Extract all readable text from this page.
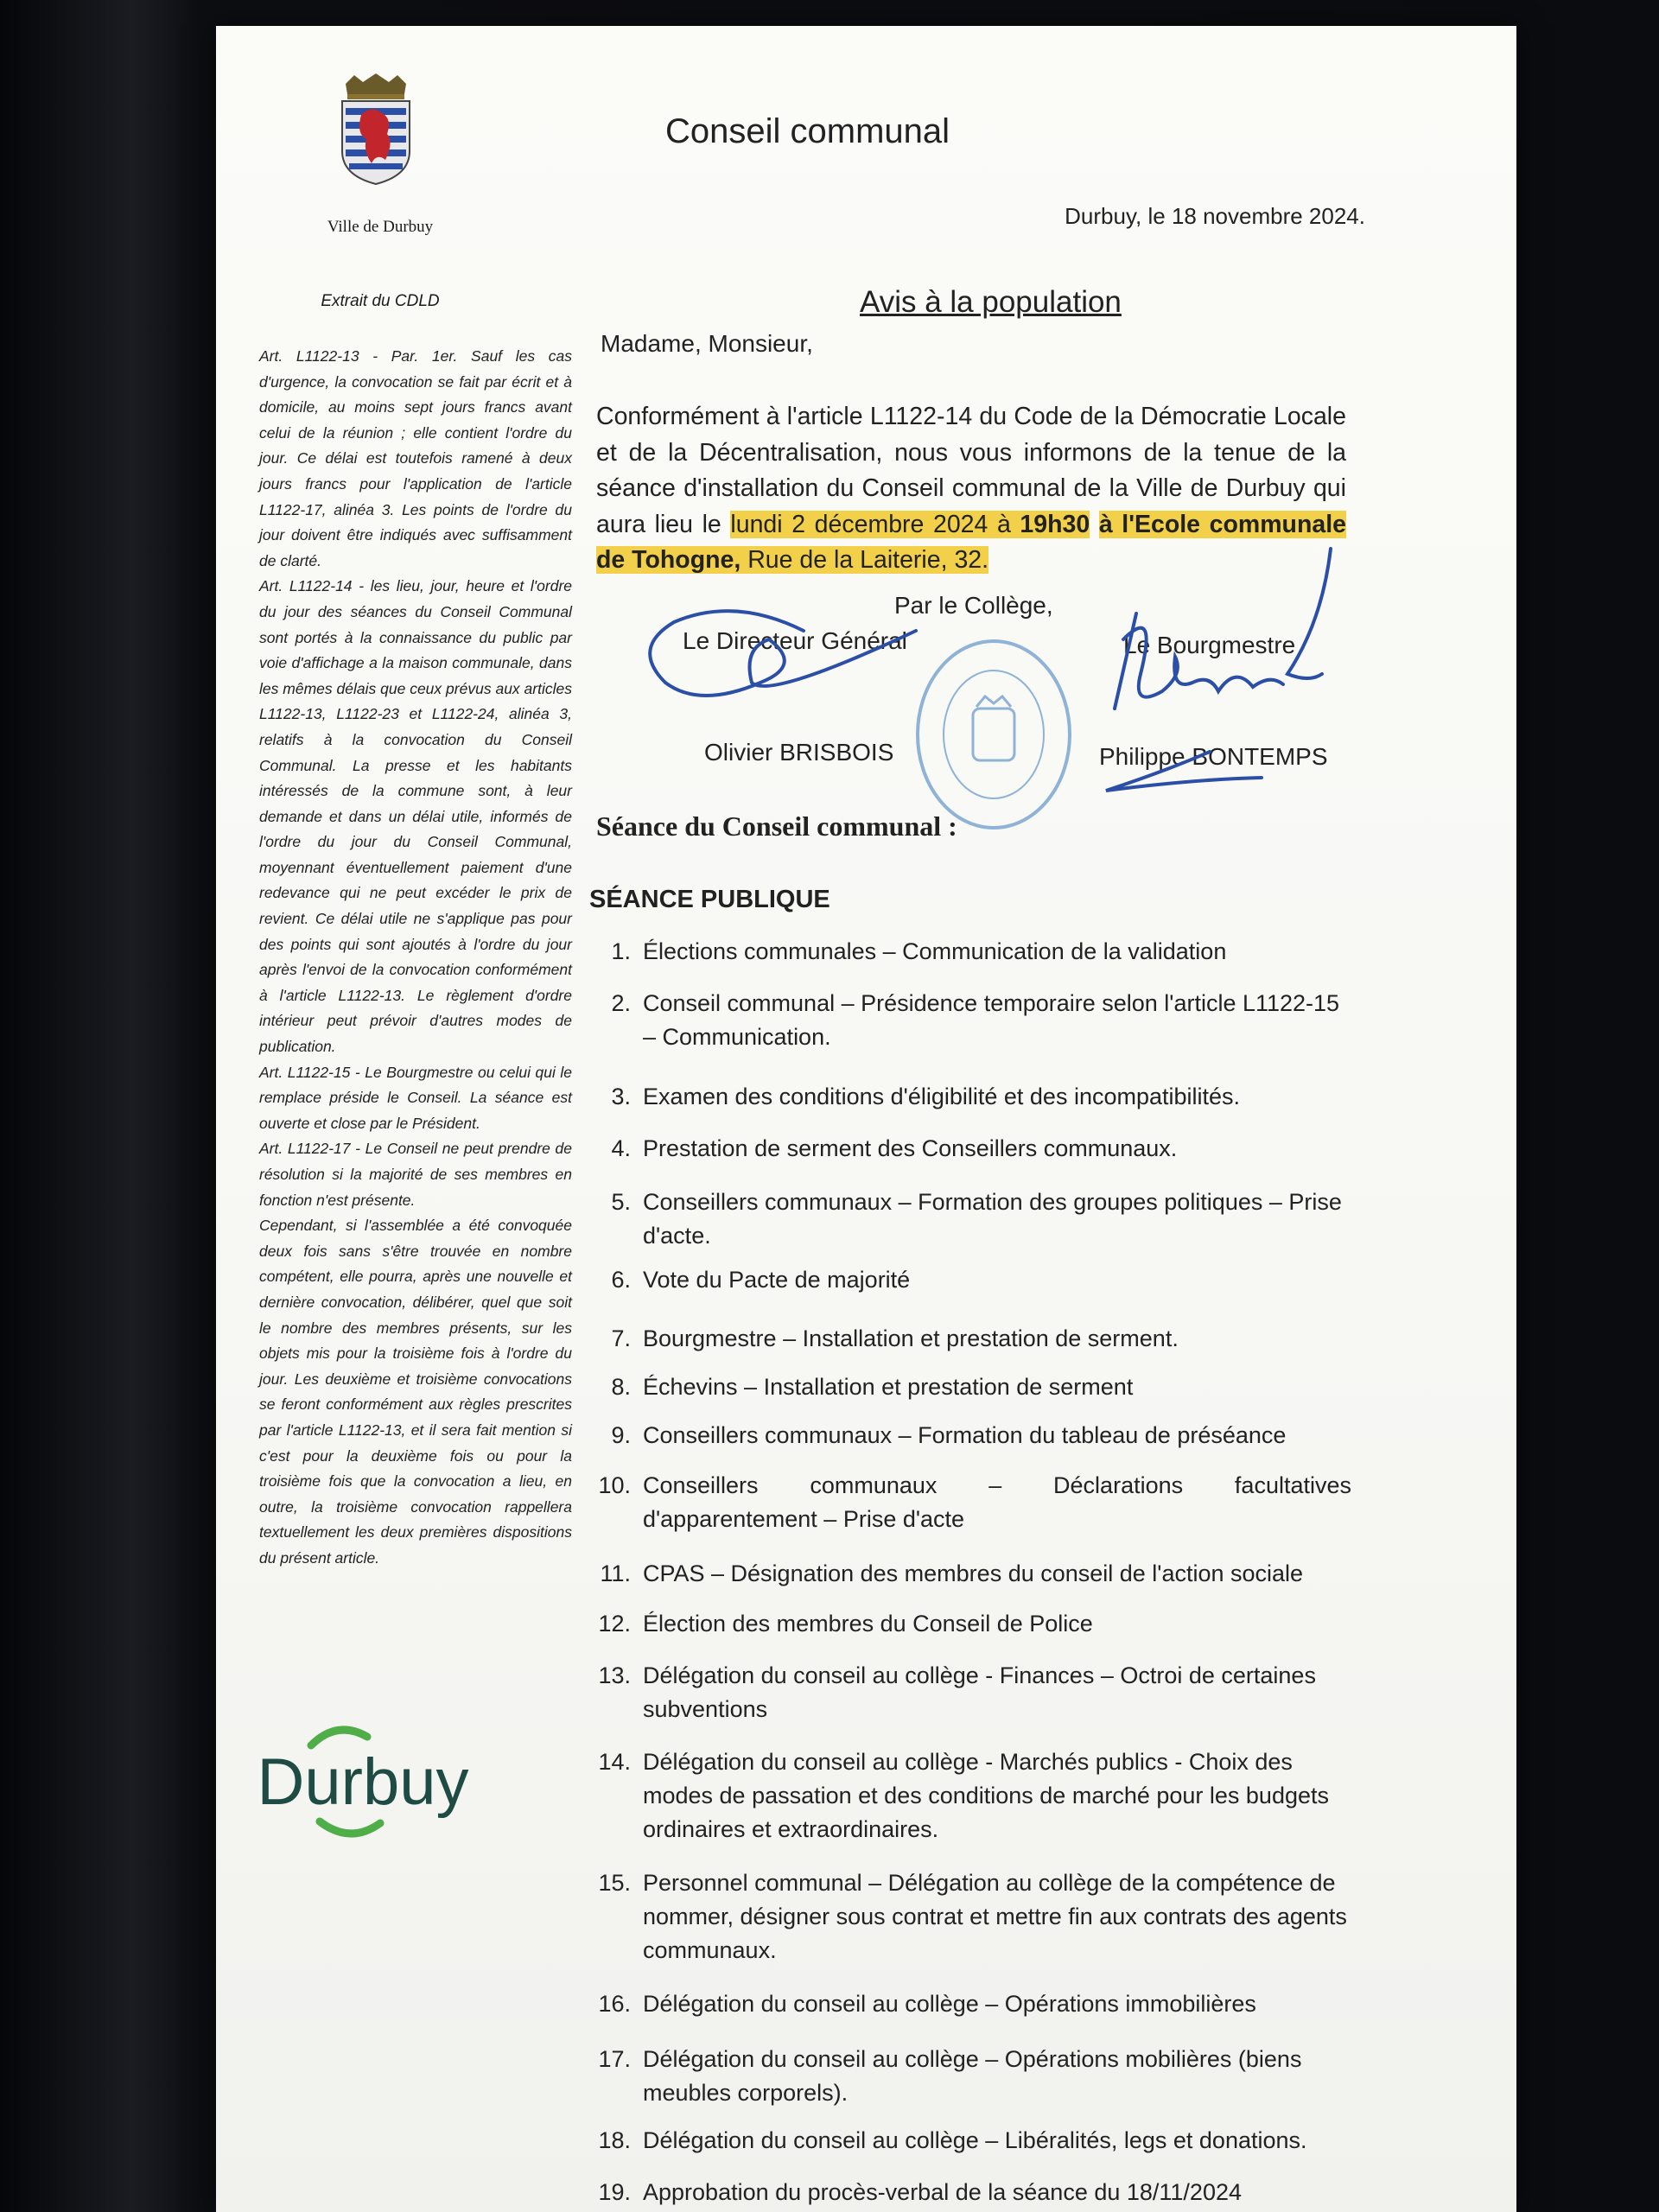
Ville de Durbuy
Extrait du CDLD

Art. L1122-13 - Par. 1er. Sauf les cas d'urgence, la convocation se fait par écrit et à domicile, au moins sept jours francs avant celui de la réunion ; elle contient l'ordre du jour. Ce délai est toutefois ramené à deux jours francs pour l'application de l'article L1122-17, alinéa 3. Les points de l'ordre du jour doivent être indiqués avec suffisamment de clarté.

Art. L1122-14 - les lieu, jour, heure et l'ordre du jour des séances du Conseil Communal sont portés à la connaissance du public par voie d'affichage a la maison communale, dans les mêmes délais que ceux prévus aux articles L1122-13, L1122-23 et L1122-24, alinéa 3, relatifs à la convocation du Conseil Communal. La presse et les habitants intéressés de la commune sont, à leur demande et dans un délai utile, informés de l'ordre du jour du Conseil Communal, moyennant éventuellement paiement d'une redevance qui ne peut excéder le prix de revient. Ce délai utile ne s'applique pas pour des points qui sont ajoutés à l'ordre du jour après l'envoi de la convocation conformément à l'article L1122-13. Le règlement d'ordre intérieur peut prévoir d'autres modes de publication.

Art. L1122-15 - Le Bourgmestre ou celui qui le remplace préside le Conseil. La séance est ouverte et close par le Président.

Art. L1122-17 - Le Conseil ne peut prendre de résolution si la majorité de ses membres en fonction n'est présente.

Cependant, si l'assemblée a été convoquée deux fois sans s'être trouvée en nombre compétent, elle pourra, après une nouvelle et dernière convocation, délibérer, quel que soit le nombre des membres présents, sur les objets mis pour la troisième fois à l'ordre du jour. Les deuxième et troisième convocations se feront conformément aux règles prescrites par l'article L1122-13, et il sera fait mention si c'est pour la deuxième fois ou pour la troisième fois que la convocation a lieu, en outre, la troisième convocation rappellera textuellement les deux premières dispositions du présent article.

Durbuy
Conseil communal
Durbuy, le 18 novembre 2024.
Avis à la population
Madame, Monsieur,
Conformément à l'article L1122-14 du Code de la Démocratie Locale et de la Décentralisation, nous vous informons de la tenue de la séance d'installation du Conseil communal de la Ville de Durbuy qui aura lieu le lundi 2 décembre 2024 à 19h30 à l'Ecole communale de Tohogne, Rue de la Laiterie, 32.
Par le Collège,
Le Directeur Général
Olivier BRISBOIS
Le Bourgmestre
Philippe BONTEMPS
Séance du Conseil communal :
SÉANCE PUBLIQUE
1. Élections communales – Communication de la validation
2. Conseil communal – Présidence temporaire selon l'article L1122-15 – Communication.
3. Examen des conditions d'éligibilité et des incompatibilités.
4. Prestation de serment des Conseillers communaux.
5. Conseillers communaux – Formation des groupes politiques – Prise d'acte.
6. Vote du Pacte de majorité
7. Bourgmestre – Installation et prestation de serment.
8. Échevins – Installation et prestation de serment
9. Conseillers communaux – Formation du tableau de préséance
10. Conseillers communaux – Déclarations facultatives d'apparentement – Prise d'acte
11. CPAS – Désignation des membres du conseil de l'action sociale
12. Élection des membres du Conseil de Police
13. Délégation du conseil au collège - Finances – Octroi de certaines subventions
14. Délégation du conseil au collège - Marchés publics - Choix des modes de passation et des conditions de marché pour les budgets ordinaires et extraordinaires.
15. Personnel communal – Délégation au collège de la compétence de nommer, désigner sous contrat et mettre fin aux contrats des agents communaux.
16. Délégation du conseil au collège – Opérations immobilières
17. Délégation du conseil au collège – Opérations mobilières (biens meubles corporels).
18. Délégation du conseil au collège – Libéralités, legs et donations.
19. Approbation du procès-verbal de la séance du 18/11/2024
